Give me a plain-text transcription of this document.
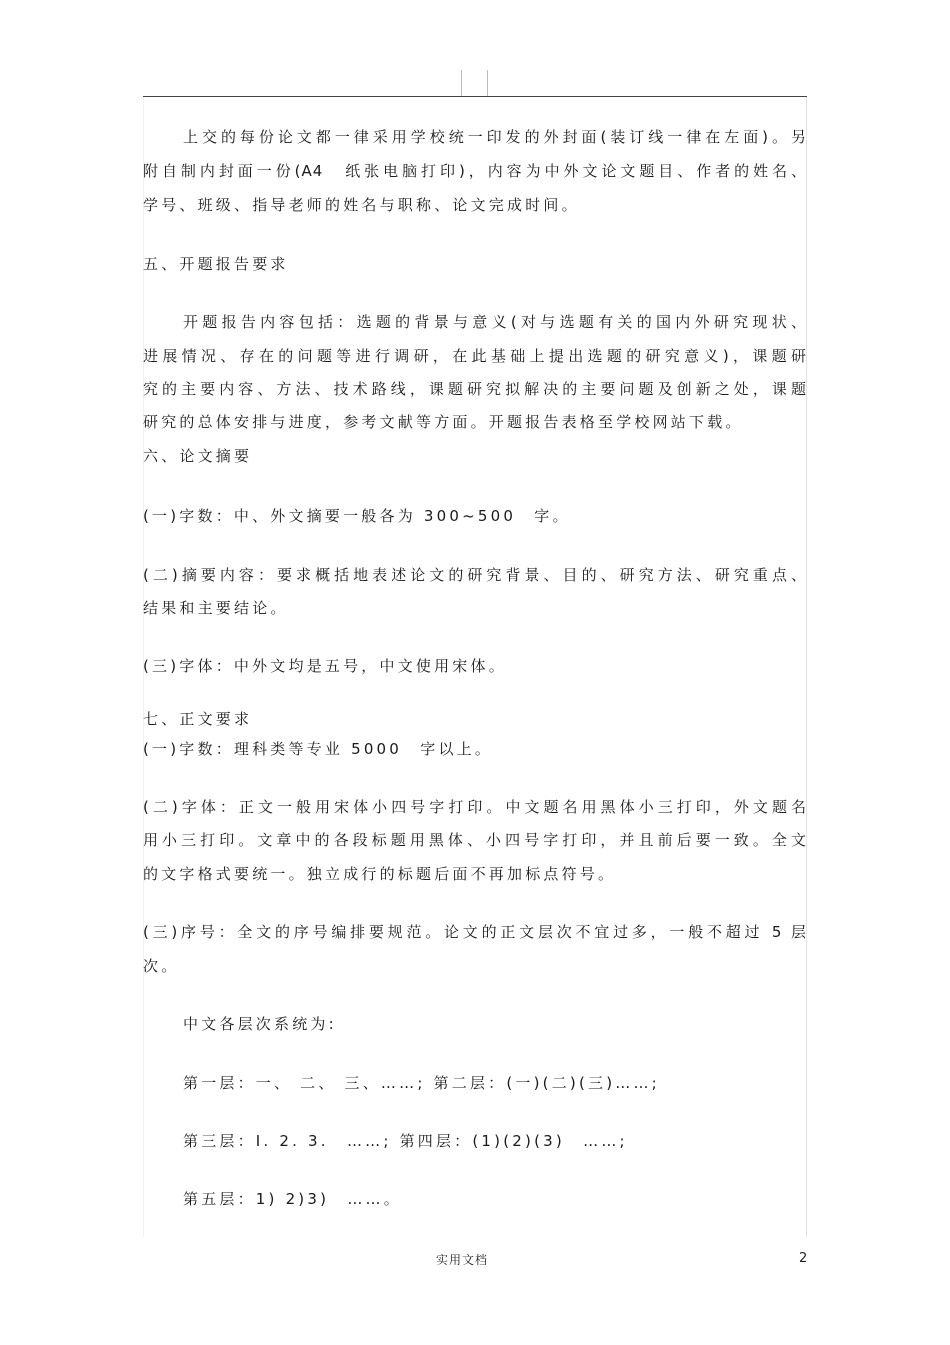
上交的每份论文都一律采用学校统一印发的外封面(装订线一律在左面)。另
附自制内封面一份(A4　纸张电脑打印)，内容为中外文论文题目、作者的姓名、
学号、班级、指导老师的姓名与职称、论文完成时间。
五、开题报告要求
开题报告内容包括：选题的背景与意义(对与选题有关的国内外研究现状、
进展情况、存在的问题等进行调研，在此基础上提出选题的研究意义)，课题研
究的主要内容、方法、技术路线，课题研究拟解决的主要问题及创新之处，课题
研究的总体安排与进度，参考文献等方面。开题报告表格至学校网站下载。
六、论文摘要
(一)字数：中、外文摘要一般各为 300~500　字。
(二)摘要内容：要求概括地表述论文的研究背景、目的、研究方法、研究重点、
结果和主要结论。
(三)字体：中外文均是五号，中文使用宋体。
七、正文要求
(一)字数：理科类等专业 5000　字以上。
(二)字体：正文一般用宋体小四号字打印。中文题名用黑体小三打印，外文题名
用小三打印。文章中的各段标题用黑体、小四号字打印，并且前后要一致。全文
的文字格式要统一。独立成行的标题后面不再加标点符号。
(三)序号：全文的序号编排要规范。论文的正文层次不宜过多，一般不超过 5 层
次。
中文各层次系统为:
第一层：一、 二、 三、……; 第二层：(一)(二)(三)……;
第三层：I. 2. 3.　……; 第四层：(1)(2)(3)　……;
第五层：1) 2)3)　……。
实用文档	2
